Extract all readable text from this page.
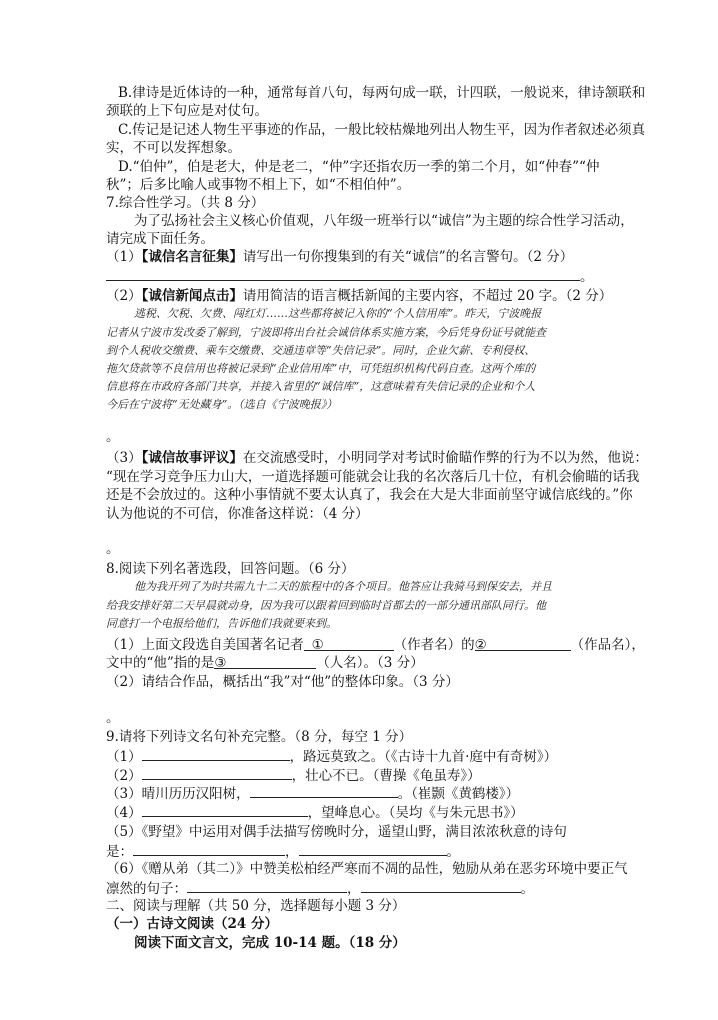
B.律诗是近体诗的一种，通常每首八句，每两句成一联，计四联，一般说来，律诗颔联和
颈联的上下句应是对仗句。
C.传记是记述人物生平事迹的作品，一般比较枯燥地列出人物生平，因为作者叙述必须真
实，不可以发挥想象。
D.“伯仲”，伯是老大，仲是老二，“仲”字还指农历一季的第二个月，如“仲春”“仲
秋”；后多比喻人或事物不相上下，如“不相伯仲”。
7.综合性学习。（共 8 分）
为了弘扬社会主义核心价值观，八年级一班举行以“诚信”为主题的综合性学习活动，
请完成下面任务。
（1）【诚信名言征集】请写出一句你搜集到的有关“诚信”的名言警句。（2 分）
。
（2）【诚信新闻点击】请用简洁的语言概括新闻的主要内容，不超过 20 字。（2 分）
逃税、欠税、欠费、闯红灯……这些都将被记入你的“个人信用库”。昨天，宁波晚报
记者从宁波市发改委了解到，宁波即将出台社会诚信体系实施方案，今后凭身份证号就能查
到个人税收交缴费、乘车交缴费、交通违章等“失信记录”。同时，企业欠薪、专利侵权、
拖欠贷款等不良信用也将被记录到“企业信用库”中，可凭组织机构代码自查。这两个库的
信息将在市政府各部门共享，并接入省里的“诚信库”，这意味着有失信记录的企业和个人
今后在宁波将“无处藏身”。（选自《宁波晚报》）
。
（3）【诚信故事评议】在交流感受时，小明同学对考试时偷瞄作弊的行为不以为然，他说：
“现在学习竞争压力山大，一道选择题可能就会让我的名次落后几十位，有机会偷瞄的话我
还是不会放过的。这种小事情就不要太认真了，我会在大是大非面前坚守诚信底线的。”你
认为他说的不可信，你准备这样说：（4 分）
。
8.阅读下列名著选段，回答问题。（6 分）
他为我开列了为时共需九十二天的旅程中的各个项目。他答应让我骑马到保安去，并且
给我安排好第二天早晨就动身，因为我可以跟着回到临时首都去的一部分通讯部队同行。他
同意打一个电报给他们，告诉他们我就要来到。
（1）上面文段选自美国著名记者 ①	（作者名）的②	（作品名），
文中的“他”指的是③	（人名）。（3 分）
（2）请结合作品，概括出“我”对“他”的整体印象。（3 分）
。
9.请将下列诗文名句补充完整。（8 分，每空 1 分）
（1）	，路远莫致之。（《古诗十九首·庭中有奇树》）
（2）	，壮心不已。（曹操《龟虽寿》）
（3）晴川历历汉阳树，	。（崔颢《黄鹤楼》）
（4）	，望峰息心。（吴均《与朱元思书》）
（5）《野望》中运用对偶手法描写傍晚时分，遥望山野，满目浓浓秋意的诗句
是：	，	。
（6）《赠从弟（其二）》中赞美松柏经严寒而不凋的品性，勉励从弟在恶劣环境中要正气
凛然的句子：	，	。
二、阅读与理解（共 50 分，选择题每小题 3 分）
（一）古诗文阅读（24 分）
阅读下面文言文，完成 10-14 题。（18 分）
